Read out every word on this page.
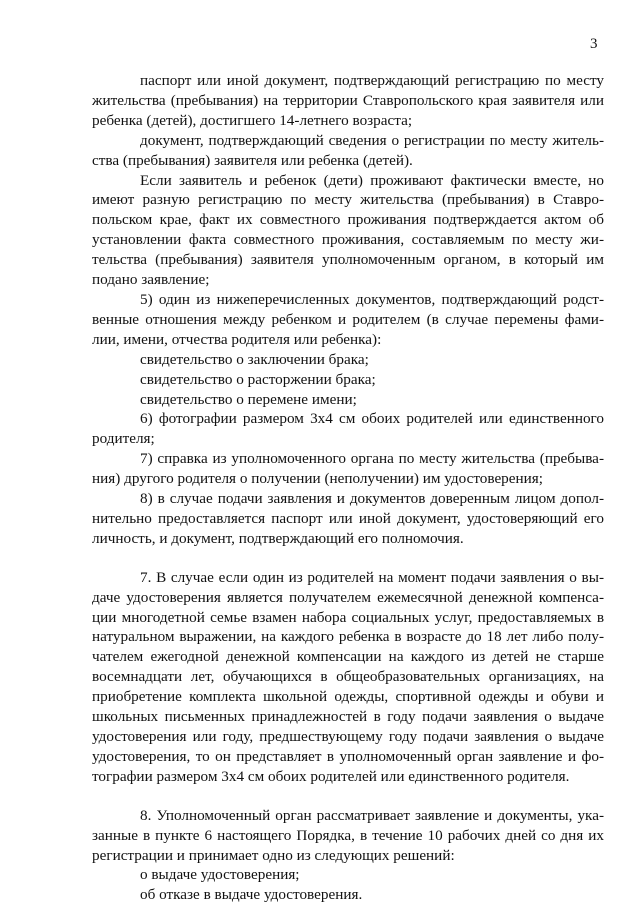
3

паспорт или иной документ, подтверждающий регистрацию по месту жительства (пребывания) на территории Ставропольского края заявителя или ребенка (детей), достигшего 14-летнего возраста;

документ, подтверждающий сведения о регистрации по месту жительства (пребывания) заявителя или ребенка (детей).

Если заявитель и ребенок (дети) проживают фактически вместе, но имеют разную регистрацию по месту жительства (пребывания) в Ставропольском крае, факт их совместного проживания подтверждается актом об установлении факта совместного проживания, составляемым по месту жительства (пребывания) заявителя уполномоченным органом, в который им подано заявление;

5) один из нижеперечисленных документов, подтверждающий родственные отношения между ребенком и родителем (в случае перемены фамилии, имени, отчества родителя или ребенка):

свидетельство о заключении брака;

свидетельство о расторжении брака;

свидетельство о перемене имени;

6) фотографии размером 3x4 см обоих родителей или единственного родителя;

7) справка из уполномоченного органа по месту жительства (пребывания) другого родителя о получении (неполучении) им удостоверения;

8) в случае подачи заявления и документов доверенным лицом дополнительно предоставляется паспорт или иной документ, удостоверяющий его личность, и документ, подтверждающий его полномочия.

7. В случае если один из родителей на момент подачи заявления о выдаче удостоверения является получателем ежемесячной денежной компенсации многодетной семье взамен набора социальных услуг, предоставляемых в натуральном выражении, на каждого ребенка в возрасте до 18 лет либо получателем ежегодной денежной компенсации на каждого из детей не старше восемнадцати лет, обучающихся в общеобразовательных организациях, на приобретение комплекта школьной одежды, спортивной одежды и обуви и школьных письменных принадлежностей в году подачи заявления о выдаче удостоверения или году, предшествующему году подачи заявления о выдаче удостоверения, то он представляет в уполномоченный орган заявление и фотографии размером 3x4 см обоих родителей или единственного родителя.

8. Уполномоченный орган рассматривает заявление и документы, указанные в пункте 6 настоящего Порядка, в течение 10 рабочих дней со дня их регистрации и принимает одно из следующих решений:

о выдаче удостоверения;

об отказе в выдаче удостоверения.
